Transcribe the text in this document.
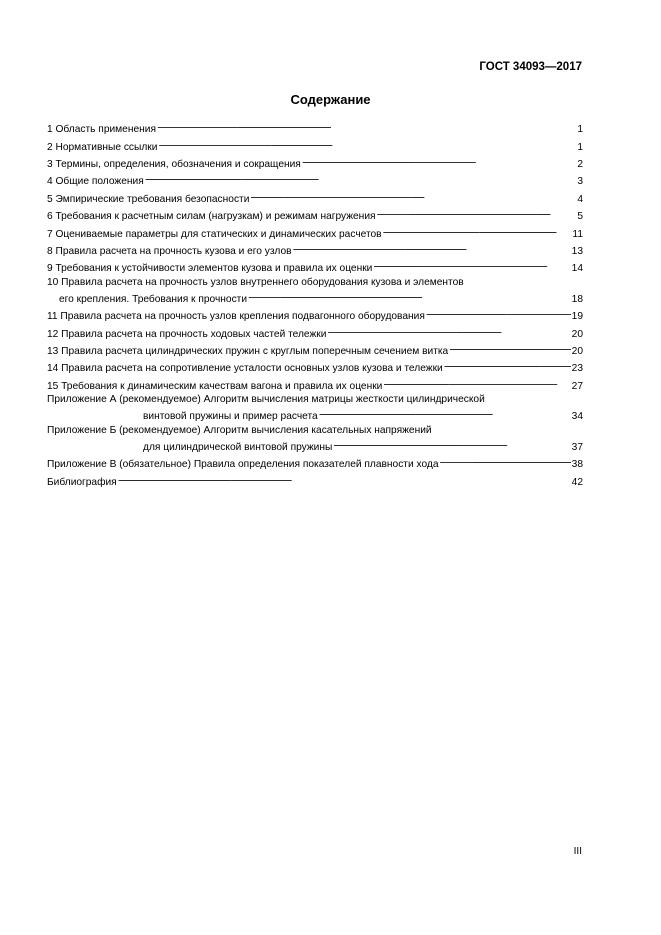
ГОСТ 34093—2017
Содержание
1 Область применения . . .	1
2 Нормативные ссылки . . .	1
3 Термины, определения, обозначения и сокращения . . .	2
4 Общие положения . . .	3
5 Эмпирические требования безопасности . . .	4
6 Требования к расчетным силам (нагрузкам) и режимам нагружения . . .	5
7 Оцениваемые параметры для статических и динамических расчетов . . .	11
8 Правила расчета на прочность кузова и его узлов . . .	13
9 Требования к устойчивости элементов кузова и правила их оценки . . .	14
10 Правила расчета на прочность узлов внутреннего оборудования кузова и элементов
его крепления. Требования к прочности . . .	18
11 Правила расчета на прочность узлов крепления подвагонного оборудования . . .	19
12 Правила расчета на прочность ходовых частей тележки . . .	20
13 Правила расчета цилиндрических пружин с круглым поперечным сечением витка . . .	20
14 Правила расчета на сопротивление усталости основных узлов кузова и тележки . . .	23
15 Требования к динамическим качествам вагона и правила их оценки . . .	27
Приложение А (рекомендуемое) Алгоритм вычисления матрицы жесткости цилиндрической
винтовой пружины и пример расчета . . .	34
Приложение Б (рекомендуемое) Алгоритм вычисления касательных напряжений
для цилиндрической винтовой пружины . . .	37
Приложение В (обязательное) Правила определения показателей плавности хода . . .	38
Библиография . . .	42
III
